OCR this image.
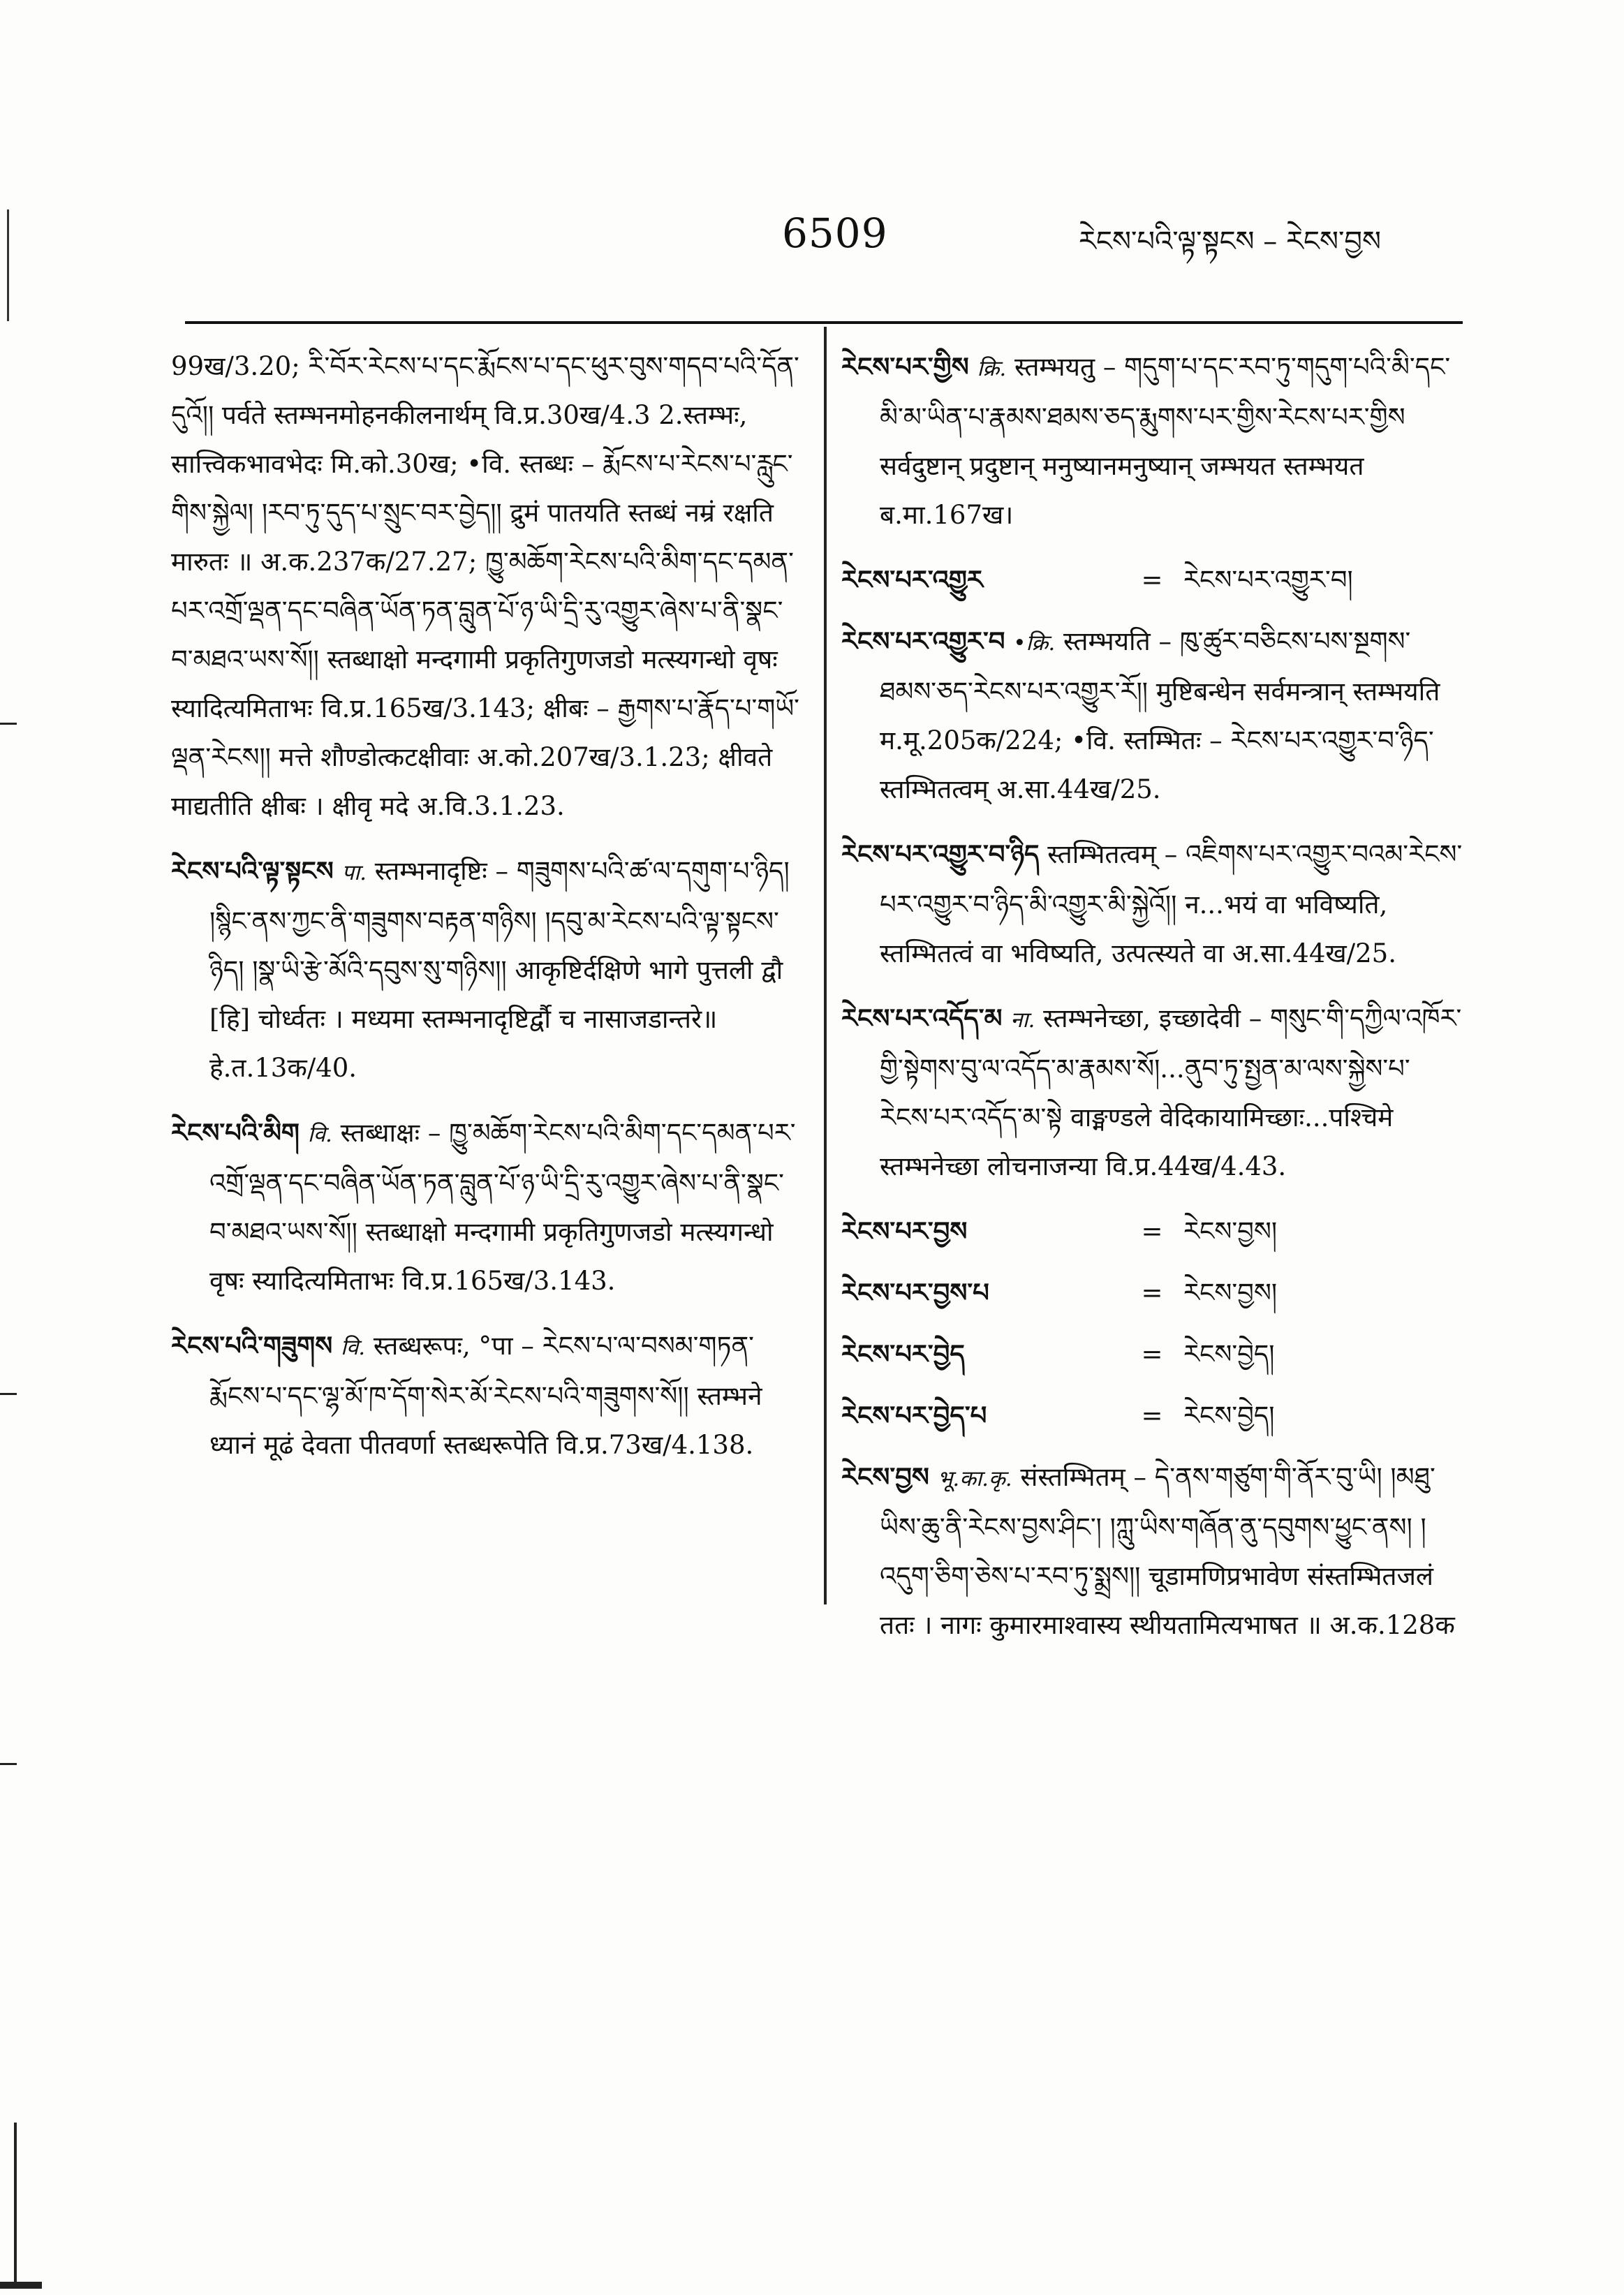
6509	རེངས་པའི་ལྟ་སྟངས – རེངས་བྱས
99ख/3.20; རི་བོར་རེངས་པ་དང་རྨོངས་པ་དང་ཕུར་བུས་གདབ་པའི་དོན་དུའོ།། पर्वते स्तम्भनमोहनकीलनार्थम् वि.प्र.30ख/4.3 2.स्तम्भः, सात्त्विकभावभेदः मि.को.30ख; •वि. स्तब्धः – རྨོངས་པ་རེངས་པ་རླུང་གིས་སྐྱེལ། །རབ་ཏུ་དུད་པ་སྲུང་བར་བྱེད།། द्रुमं पातयति स्तब्धं नम्रं रक्षति मारुतः ॥ अ.क.237क/27.27; ཁྱུ་མཆོག་རེངས་པའི་མིག་དང་དམན་པར་འགྲོ་ལྡན་དང་བཞིན་ཡོན་ཏན་བླུན་པོ་ཉ་ཡི་དྲི་རུ་འགྱུར་ཞེས་པ་ནི་སྣང་བ་མཐའ་ཡས་སོ།། स्तब्धाक्षो मन्दगामी प्रकृतिगुणजडो मत्स्यगन्धो वृषः स्यादित्यमिताभः वि.प्र.165ख/3.143; क्षीबः – རྒྱགས་པ་རྣོད་པ་གཡོ་ལྡན་རེངས།། मत्ते शौण्डोत्कटक्षीवाः अ.को.207ख/3.1.23; क्षीवते माद्यतीति क्षीबः । क्षीवृ मदे अ.वि.3.1.23.
རེངས་པའི་ལྟ་སྟངས पा. स्तम्भनादृष्टिः – གཟུགས་པའི་ཚ་ལ་དགུག་པ་ཉིད། །སྙིང་ནས་ཀྱང་ནི་གཟུགས་བརྟན་གཉིས། །དབུ་མ་རེངས་པའི་ལྟ་སྟངས་ཉིད། །སྣ་ཡི་རྩེ་མོའི་དབུས་སུ་གཉིས།། आकृष्टिर्दक्षिणे भागे पुत्तली द्वौ [हि] चोर्ध्वतः । मध्यमा स्तम्भनादृष्टिर्द्वौ च नासाजडान्तरे॥ हे.त.13क/40.
རེངས་པའི་མིག वि. स्तब्धाक्षः – ཁྱུ་མཆོག་རེངས་པའི་མིག་དང་དམན་པར་འགྲོ་ལྡན་དང་བཞིན་ཡོན་ཏན་བླུན་པོ་ཉ་ཡི་དྲི་རུ་འགྱུར་ཞེས་པ་ནི་སྣང་བ་མཐའ་ཡས་སོ།། स्तब्धाक्षो मन्दगामी प्रकृतिगुणजडो मत्स्यगन्धो वृषः स्यादित्यमिताभः वि.प्र.165ख/3.143.
རེངས་པའི་གཟུགས वि. स्तब्धरूपः, °पा – རེངས་པ་ལ་བསམ་གཏན་རྨོངས་པ་དང་ལྷ་མོ་ཁ་དོག་སེར་མོ་རེངས་པའི་གཟུགས་སོ།། स्तम्भने ध्यानं मूढं देवता पीतवर्णा स्तब्धरूपेति वि.प्र.73ख/4.138.
རེངས་པར་གྱིས क्रि. स्तम्भयतु – གདུག་པ་དང་རབ་ཏུ་གདུག་པའི་མི་དང་མི་མ་ཡིན་པ་རྣམས་ཐམས་ཅད་རྨུགས་པར་གྱིས་རེངས་པར་གྱིས सर्वदुष्टान् प्रदुष्टान् मनुष्यानमनुष्यान् जम्भयत स्तम्भयत ब.मा.167ख।
རེངས་པར་འགྱུར	= རེངས་པར་འགྱུར་བ།
རེངས་པར་འགྱུར་བ •क्रि. स्तम्भयति – ཁུ་ཚུར་བཅིངས་པས་སྔགས་ཐམས་ཅད་རེངས་པར་འགྱུར་རོ།། मुष्टिबन्धेन सर्वमन्त्रान् स्तम्भयति म.मू.205क/224; •वि. स्तम्भितः – རེངས་པར་འགྱུར་བ་ཉིད་ स्तम्भितत्वम् अ.सा.44ख/25.
རེངས་པར་འགྱུར་བ་ཉིད स्तम्भितत्वम् – འཇིགས་པར་འགྱུར་བའམ་རེངས་པར་འགྱུར་བ་ཉིད་མི་འགྱུར་མི་སྐྱེའོ།། न...भयं वा भविष्यति, स्तम्भितत्वं वा भविष्यति, उत्पत्स्यते वा अ.सा.44ख/25.
རེངས་པར་འདོད་མ ना. स्तम्भनेच्छा, इच्छादेवी – གསུང་གི་དཀྱིལ་འཁོར་གྱི་སྟེགས་བུ་ལ་འདོད་མ་རྣམས་སོ།...ནུབ་ཏུ་སྤྱན་མ་ལས་སྐྱེས་པ་རེངས་པར་འདོད་མ་སྟེ वाङ्मण्डले वेदिकायामिच्छाः...पश्चिमे स्तम्भनेच्छा लोचनाजन्या वि.प्र.44ख/4.43.
རེངས་པར་བྱས	= རེངས་བྱས།
རེངས་པར་བྱས་པ	= རེངས་བྱས།
རེངས་པར་བྱེད	= རེངས་བྱེད།
རེངས་པར་བྱེད་པ	= རེངས་བྱེད།
རེངས་བྱས भू.का.कृ. संस्तम्भितम् – དེ་ནས་གཙུག་གི་ནོར་བུ་ཡི། །མཐུ་ཡིས་ཆུ་ནི་རེངས་བྱས་ཤིང་། །ཀླུ་ཡིས་གཞོན་ནུ་དབུགས་ཕྱུང་ནས། །འདུག་ཅིག་ཅེས་པ་རབ་ཏུ་སྨྲས།། चूडामणिप्रभावेण संस्तम्भितजलं ततः । नागः कुमारमाश्वास्य स्थीयतामित्यभाषत ॥ अ.क.128क
